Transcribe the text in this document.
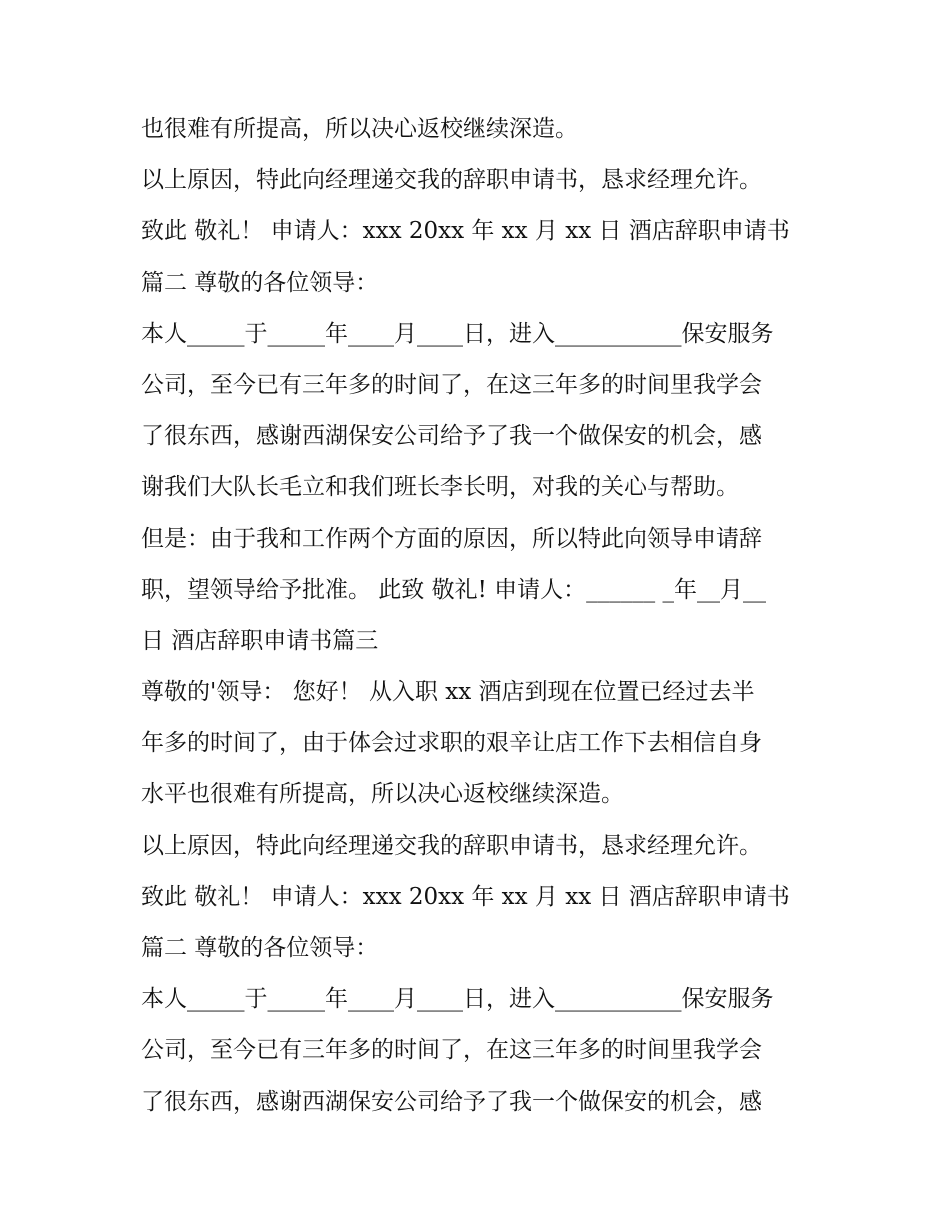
也很难有所提高，所以决心返校继续深造。
以上原因，特此向经理递交我的辞职申请书，恳求经理允许。
致此 敬礼！ 申请人：xxx 20xx 年 xx 月 xx 日 酒店辞职申请书
篇二 尊敬的各位领导：
本人_____于_____年____月____日，进入___________保安服务
公司，至今已有三年多的时间了，在这三年多的时间里我学会
了很东西，感谢西湖保安公司给予了我一个做保安的机会，感
谢我们大队长毛立和我们班长李长明，对我的关心与帮助。
但是：由于我和工作两个方面的原因，所以特此向领导申请辞
职，望领导给予批准。 此致 敬礼! 申请人：______ _年__月__
日 酒店辞职申请书篇三
尊敬的'领导： 您好！ 从入职 xx 酒店到现在位置已经过去半
年多的时间了，由于体会过求职的艰辛让店工作下去相信自身
水平也很难有所提高，所以决心返校继续深造。
以上原因，特此向经理递交我的辞职申请书，恳求经理允许。
致此 敬礼！ 申请人：xxx 20xx 年 xx 月 xx 日 酒店辞职申请书
篇二 尊敬的各位领导：
本人_____于_____年____月____日，进入___________保安服务
公司，至今已有三年多的时间了，在这三年多的时间里我学会
了很东西，感谢西湖保安公司给予了我一个做保安的机会，感
